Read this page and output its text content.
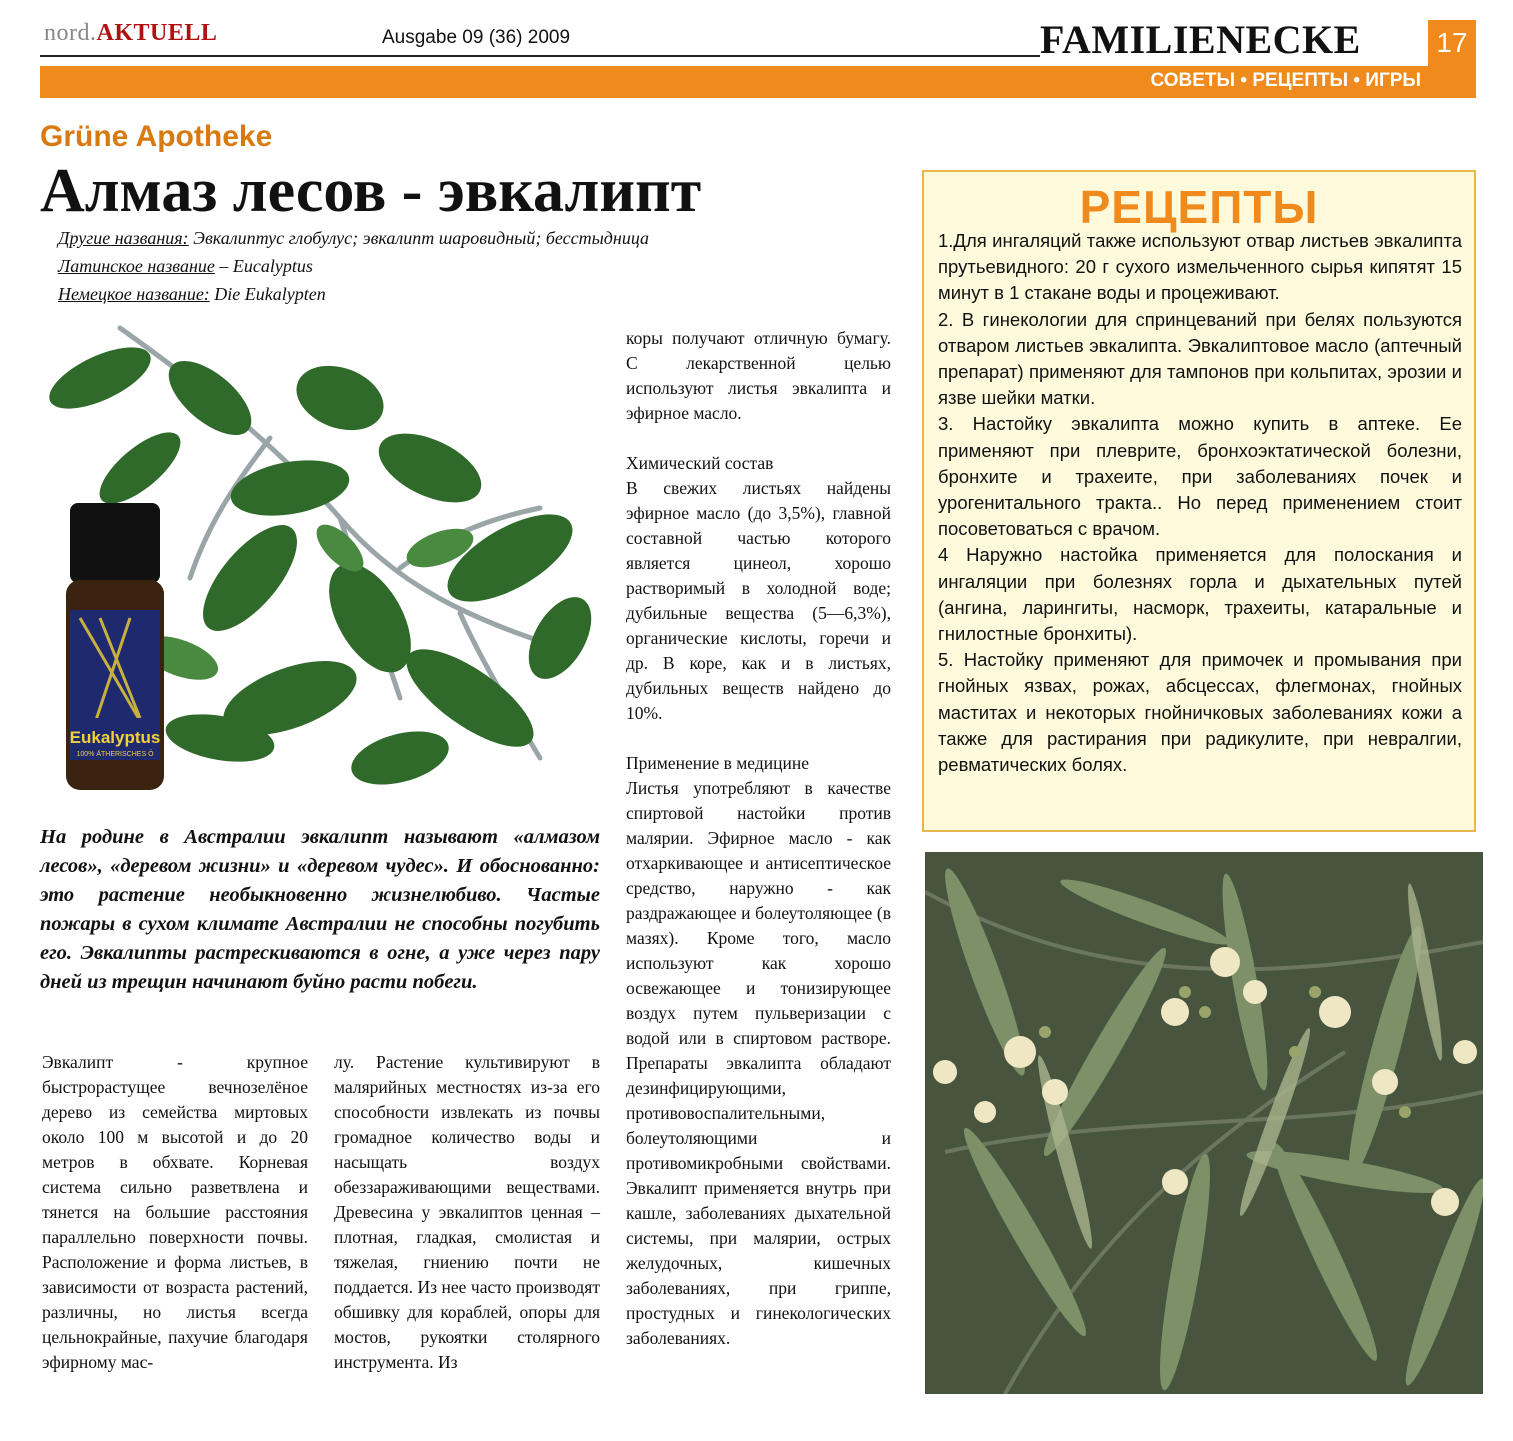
nord.AKTUELL	Ausgabe 09 (36) 2009	FAMILIENECKE	17
СОВЕТЫ • РЕЦЕПТЫ • ИГРЫ
Grüne Apotheke
Алмаз лесов - эвкалипт
Другие названия: Эвкалиптус глобулус; эвкалипт шаровидный; бесстыдница
Латинское название – Eucalyptus
Немецкое название: Die Eukalypten
Eukalyptus
100% ÄTHERISCHES Ö
На родине в Австралии эвкалипт называют «алмазом лесов», «деревом жизни» и «деревом чудес». И обоснованно: это растение необыкновенно жизнелюбиво. Частые пожары в сухом климате Австралии не способны погубить его. Эвкалипты растрескиваются в огне, а уже через пару дней из трещин начинают буйно расти побеги.

Эвкалипт - крупное быстрорастущее вечнозелёное дерево из семейства миртовых около 100 м высотой и до 20 метров в обхвате. Корневая система сильно разветвлена и тянется на большие расстояния параллельно поверхности почвы. Расположение и форма листьев, в зависимости от возраста растений, различны, но листья всегда цельнокрайные, пахучие благодаря эфирному мас-

лу. Растение культивируют в малярийных местностях из-за его способности извлекать из почвы громадное количество воды и насыщать воздух обеззараживающими веществами. Древесина у эвкалиптов ценная – плотная, гладкая, смолистая и тяжелая, гниению почти не поддается. Из нее часто производят обшивку для кораблей, опоры для мостов, рукоятки столярного инструмента. Из

коры получают отличную бумагу. С лекарственной целью используют листья эвкалипта и эфирное масло.

Химический состав

В свежих листьях найдены эфирное масло (до 3,5%), главной составной частью которого является цинеол, хорошо растворимый в холодной воде; дубильные вещества (5—6,3%), органические кислоты, горечи и др. В коре, как и в листьях, дубильных веществ найдено до 10%.

Применение в медицине

Листья употребляют в качестве спиртовой настойки против малярии. Эфирное масло - как отхаркивающее и антисептическое средство, наружно - как раздражающее и болеутоляющее (в мазях). Кроме того, масло используют как хорошо освежающее и тонизирующее воздух путем пульверизации с водой или в спиртовом растворе. Препараты эвкалипта обладают дезинфицирующими, противовоспалительными, болеутоляющими и противомикробными свойствами. Эвкалипт применяется внутрь при кашле, заболеваниях дыхательной системы, при малярии, острых желудочных, кишечных заболеваниях, при гриппе, простудных и гинекологических заболеваниях.

РЕЦЕПТЫ

1.Для ингаляций также используют отвар листьев эвкалипта прутьевидного: 20 г сухого измельченного сырья кипятят 15 минут в 1 стакане воды и процеживают.

2. В гинекологии для спринцеваний при белях пользуются отваром листьев эвкалипта. Эвкалиптовое масло (аптечный препарат) применяют для тампонов при кольпитах, эрозии и язве шейки матки.

3. Настойку эвкалипта можно купить в аптеке. Ее применяют при плеврите, бронхоэктатической болезни, бронхите и трахеите, при заболеваниях почек и урогенитального тракта.. Но перед применением стоит посоветоваться с врачом.

4 Наружно настойка применяется для полоскания и ингаляции при болезнях горла и дыхательных путей (ангина, ларингиты, насморк, трахеиты, катаральные и гнилостные бронхиты).

5. Настойку применяют для примочек и промывания при гнойных язвах, рожах, абсцессах, флегмонах, гнойных маститах и некоторых гнойничковых заболеваниях кожи а также для растирания при радикулите, при невралгии, ревматических болях.
